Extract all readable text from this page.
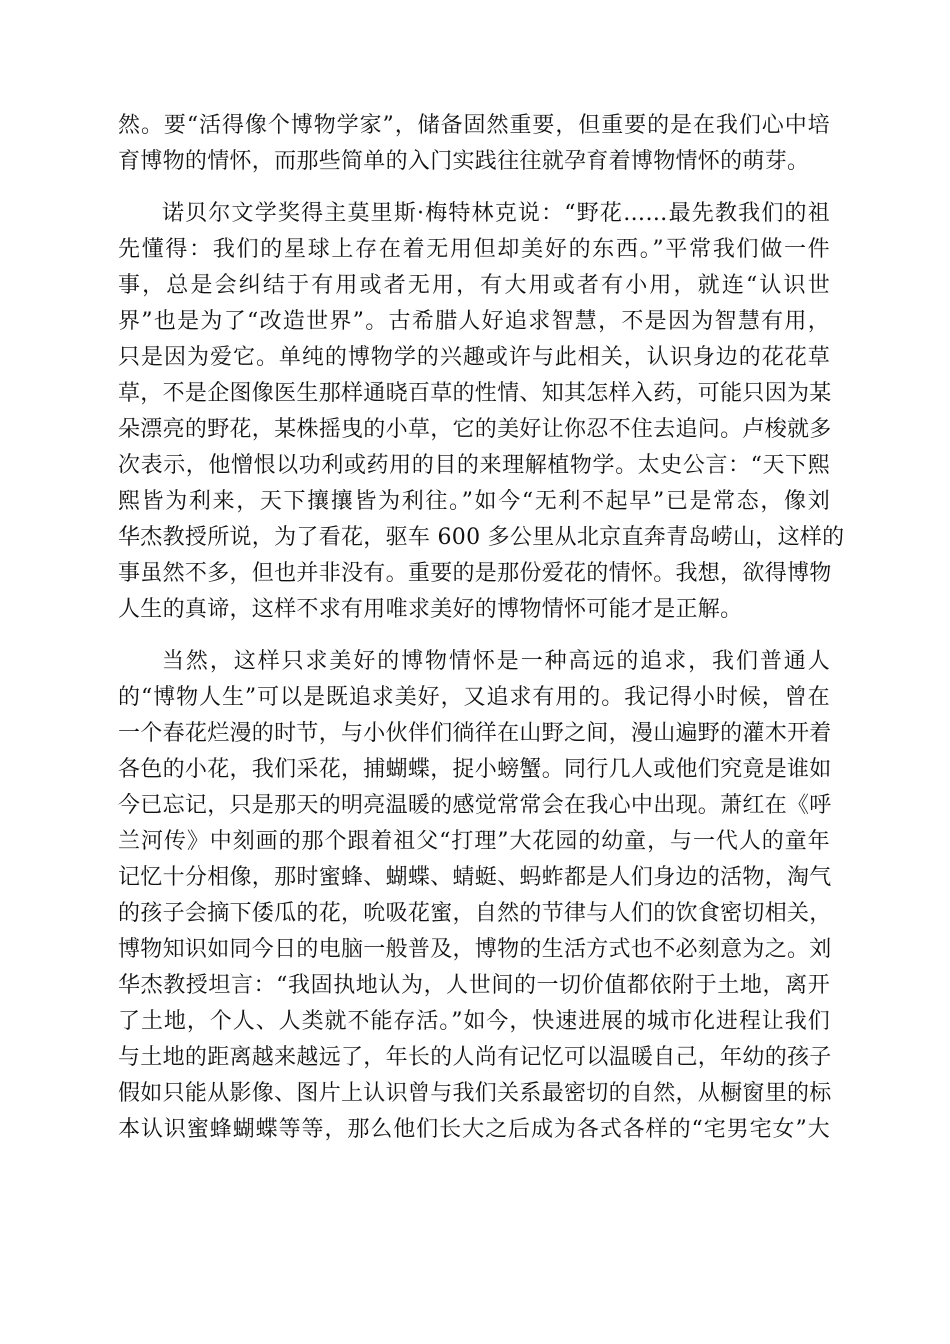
然。要“活得像个博物学家”，储备固然重要，但重要的是在我们心中培
育博物的情怀，而那些简单的入门实践往往就孕育着博物情怀的萌芽。
诺贝尔文学奖得主莫里斯·梅特林克说：“野花……最先教我们的祖
先懂得：我们的星球上存在着无用但却美好的东西。”平常我们做一件
事，总是会纠结于有用或者无用，有大用或者有小用，就连“认识世
界”也是为了“改造世界”。古希腊人好追求智慧，不是因为智慧有用，
只是因为爱它。单纯的博物学的兴趣或许与此相关，认识身边的花花草
草，不是企图像医生那样通晓百草的性情、知其怎样入药，可能只因为某
朵漂亮的野花，某株摇曳的小草，它的美好让你忍不住去追问。卢梭就多
次表示，他憎恨以功利或药用的目的来理解植物学。太史公言：“天下熙
熙皆为利来，天下攘攘皆为利往。”如今“无利不起早”已是常态，像刘
华杰教授所说，为了看花，驱车 600 多公里从北京直奔青岛崂山，这样的
事虽然不多，但也并非没有。重要的是那份爱花的情怀。我想，欲得博物
人生的真谛，这样不求有用唯求美好的博物情怀可能才是正解。
当然，这样只求美好的博物情怀是一种高远的追求，我们普通人
的“博物人生”可以是既追求美好，又追求有用的。我记得小时候，曾在
一个春花烂漫的时节，与小伙伴们徜徉在山野之间，漫山遍野的灌木开着
各色的小花，我们采花，捕蝴蝶，捉小螃蟹。同行几人或他们究竟是谁如
今已忘记，只是那天的明亮温暖的感觉常常会在我心中出现。萧红在《呼
兰河传》中刻画的那个跟着祖父“打理”大花园的幼童，与一代人的童年
记忆十分相像，那时蜜蜂、蝴蝶、蜻蜓、蚂蚱都是人们身边的活物，淘气
的孩子会摘下倭瓜的花，吮吸花蜜，自然的节律与人们的饮食密切相关，
博物知识如同今日的电脑一般普及，博物的生活方式也不必刻意为之。刘
华杰教授坦言：“我固执地认为，人世间的一切价值都依附于土地，离开
了土地，个人、人类就不能存活。”如今，快速进展的城市化进程让我们
与土地的距离越来越远了，年长的人尚有记忆可以温暖自己，年幼的孩子
假如只能从影像、图片上认识曾与我们关系最密切的自然，从橱窗里的标
本认识蜜蜂蝴蝶等等，那么他们长大之后成为各式各样的“宅男宅女”大
